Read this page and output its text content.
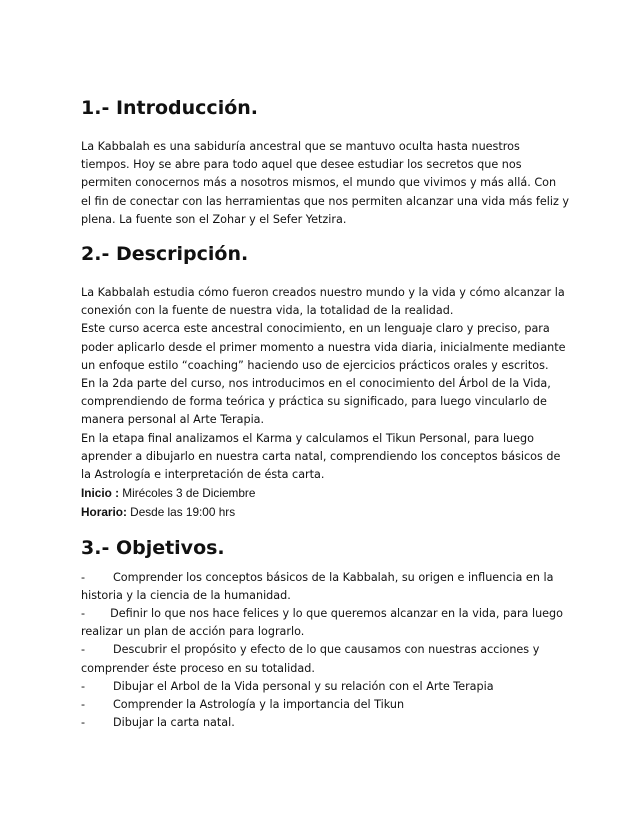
1.- Introducción.

La Kabbalah es una sabiduría ancestral que se mantuvo oculta hasta nuestros

tiempos. Hoy se abre para todo aquel que desee estudiar los secretos que nos

permiten conocernos más a nosotros mismos, el mundo que vivimos y más allá. Con

el fin de conectar con las herramientas que nos permiten alcanzar una vida más feliz y

plena. La fuente son el Zohar y el Sefer Yetzira.

2.- Descripción.

La Kabbalah estudia cómo fueron creados nuestro mundo y la vida y cómo alcanzar la

conexión con la fuente de nuestra vida, la totalidad de la realidad.

Este curso acerca este ancestral conocimiento, en un lenguaje claro y preciso, para

poder aplicarlo desde el primer momento a nuestra vida diaria, inicialmente mediante

un enfoque estilo “coaching” haciendo uso de ejercicios prácticos orales y escritos.

En la 2da parte del curso, nos introducimos en el conocimiento del Árbol de la Vida,

comprendiendo de forma teórica y práctica su significado, para luego vincularlo de

manera personal al Arte Terapia.

En la etapa final analizamos el Karma y calculamos el Tikun Personal, para luego

aprender a dibujarlo en nuestra carta natal, comprendiendo los conceptos básicos de

la Astrología e interpretación de ésta carta.

Inicio : Mirécoles 3 de Diciembre

Horario: Desde las 19:00 hrs

3.- Objetivos.

-	Comprender los conceptos básicos de la Kabbalah, su origen e influencia en la

historia y la ciencia de la humanidad.

-	Definir lo que nos hace felices y lo que queremos alcanzar en la vida, para luego

realizar un plan de acción para lograrlo.

-	Descubrir el propósito y efecto de lo que causamos con nuestras acciones y

comprender éste proceso en su totalidad.

-	Dibujar el Arbol de la Vida personal y su relación con el Arte Terapia

-	Comprender la Astrología y la importancia del Tikun

-	Dibujar la carta natal.
